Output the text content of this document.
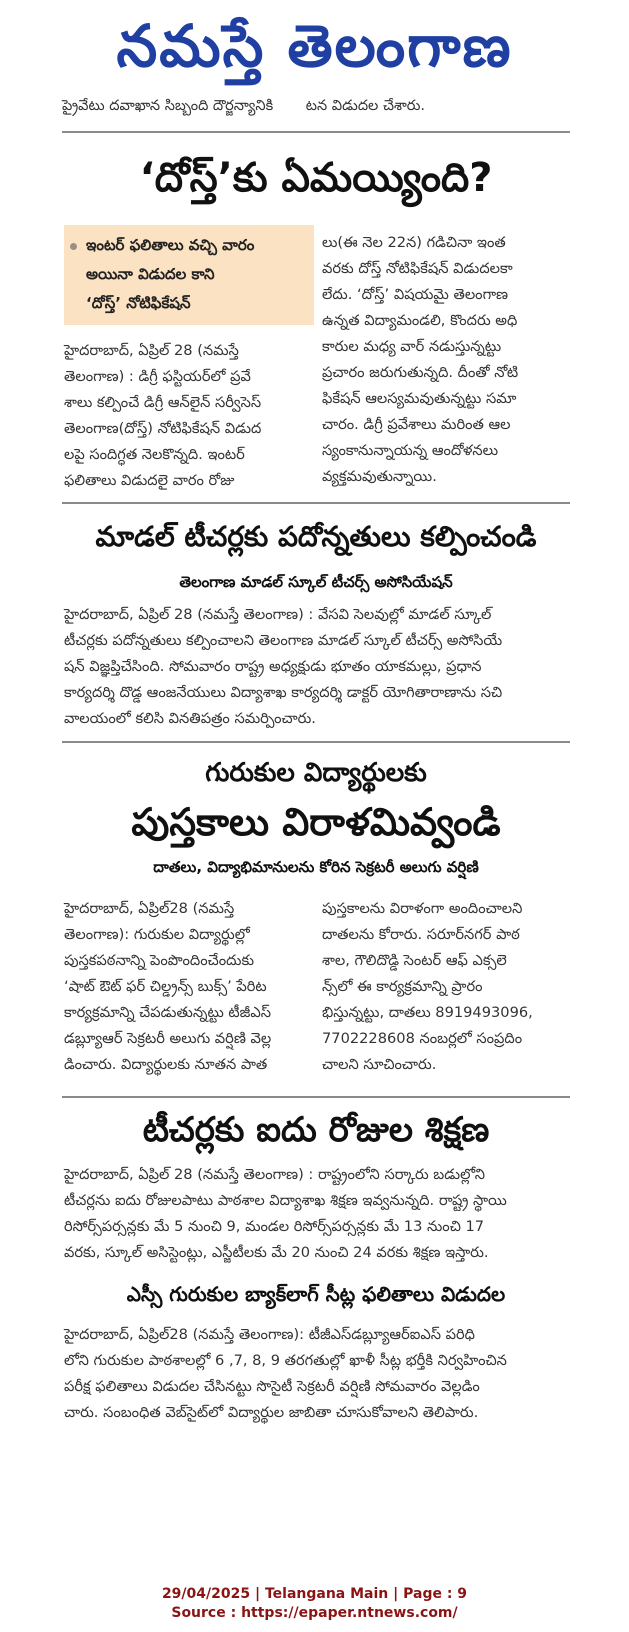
నమస్తే తెలంగాణ
ప్రైవేటు దవాఖాన సిబ్బంది దౌర్జన్యానికి టన విడుదల చేశారు.
‘దోస్త్’కు ఏమయ్యింది?
ఇంటర్ ఫలితాలు వచ్చి వారం
అయినా విడుదల కాని
‘దోస్త్’ నోటిఫికేషన్
హైదరాబాద్, ఏప్రిల్ 28 (నమస్తే
తెలంగాణ) : డిగ్రీ ఫస్టియర్‌లో ప్రవే
శాలు కల్పించే డిగ్రీ ఆన్‌లైన్ సర్వీసెస్
తెలంగాణ(దోస్త్) నోటిఫికేషన్ విడుద
లపై సందిగ్ధత నెలకొన్నది. ఇంటర్
ఫలితాలు విడుదలై వారం రోజు
లు(ఈ నెల 22న) గడిచినా ఇంత
వరకు దోస్త్ నోటిఫికేషన్ విడుదలకా
లేదు. ‘దోస్త్’ విషయమై తెలంగాణ
ఉన్నత విద్యామండలి, కొందరు అధి
కారుల మధ్య వార్ నడుస్తున్నట్టు
ప్రచారం జరుగుతున్నది. దీంతో నోటి
ఫికేషన్ ఆలస్యమవుతున్నట్టు సమా
చారం. డిగ్రీ ప్రవేశాలు మరింత ఆల
స్యంకానున్నాయన్న ఆందోళనలు
వ్యక్తమవుతున్నాయి.
మాడల్ టీచర్లకు పదోన్నతులు కల్పించండి
తెలంగాణ మాడల్ స్కూల్ టీచర్స్ అసోసియేషన్
హైదరాబాద్, ఏప్రిల్ 28 (నమస్తే తెలంగాణ) : వేసవి సెలవుల్లో మాడల్ స్కూల్
టీచర్లకు పదోన్నతులు కల్పించాలని తెలంగాణ మాడల్ స్కూల్ టీచర్స్ అసోసియే
షన్ విజ్ఞప్తిచేసింది. సోమవారం రాష్ట్ర అధ్యక్షుడు భూతం యాకమల్లు, ప్రధాన
కార్యదర్శి దొడ్డ ఆంజనేయులు విద్యాశాఖ కార్యదర్శి డాక్టర్ యోగితారాణాను సచి
వాలయంలో కలిసి వినతిపత్రం సమర్పించారు.
గురుకుల విద్యార్థులకు
పుస్తకాలు విరాళమివ్వండి
దాతలు, విద్యాభిమానులను కోరిన సెక్రటరీ అలుగు వర్షిణి
హైదరాబాద్, ఏప్రిల్28 (నమస్తే
తెలంగాణ): గురుకుల విద్యార్థుల్లో
పుస్తకపఠనాన్ని పెంపొందించేందుకు
‘షాట్ ఔట్ ఫర్ చిల్డ్రన్స్ బుక్స్’ పేరిట
కార్యక్రమాన్ని చేపడుతున్నట్టు టీజీఎస్
డబ్ల్యూఆర్ సెక్రటరీ అలుగు వర్షిణి వెల్ల
డించారు. విద్యార్థులకు నూతన పాత
పుస్తకాలను విరాళంగా అందించాలని
దాతలను కోరారు. సరూర్‌నగర్ పాఠ
శాల, గౌలిదొడ్డి సెంటర్ ఆఫ్ ఎక్సలె
న్స్‌లో ఈ కార్యక్రమాన్ని ప్రారం
భిస్తున్నట్టు, దాతలు 8919493096,
7702228608 నంబర్లలో సంప్రదిం
చాలని సూచించారు.
టీచర్లకు ఐదు రోజుల శిక్షణ
హైదరాబాద్, ఏప్రిల్ 28 (నమస్తే తెలంగాణ) : రాష్ట్రంలోని సర్కారు బడుల్లోని
టీచర్లను ఐదు రోజులపాటు పాఠశాల విద్యాశాఖ శిక్షణ ఇవ్వనున్నది. రాష్ట్ర స్థాయి
రిసోర్స్‌పర్సన్లకు మే 5 నుంచి 9, మండల రిసోర్స్‌పర్సన్లకు మే 13 నుంచి 17
వరకు, స్కూల్ అసిస్టెంట్లు, ఎస్జీటీలకు మే 20 నుంచి 24 వరకు శిక్షణ ఇస్తారు.
ఎస్సీ గురుకుల బ్యాక్‌లాగ్ సీట్ల ఫలితాలు విడుదల
హైదరాబాద్, ఏప్రిల్28 (నమస్తే తెలంగాణ): టీజీఎస్‌డబ్ల్యూఆర్‌ఐఎస్ పరిధి
లోని గురుకుల పాఠశాలల్లో 6 ,7, 8, 9 తరగతుల్లో ఖాళీ సీట్ల భర్తీకి నిర్వహించిన
పరీక్ష ఫలితాలు విడుదల చేసినట్టు సొసైటీ సెక్రటరీ వర్షిణి సోమవారం వెల్లడిం
చారు. సంబంధిత వెబ్‌సైట్‌లో విద్యార్థుల జాబితా చూసుకోవాలని తెలిపారు.
29/04/2025 | Telangana Main | Page : 9
Source : https://epaper.ntnews.com/
